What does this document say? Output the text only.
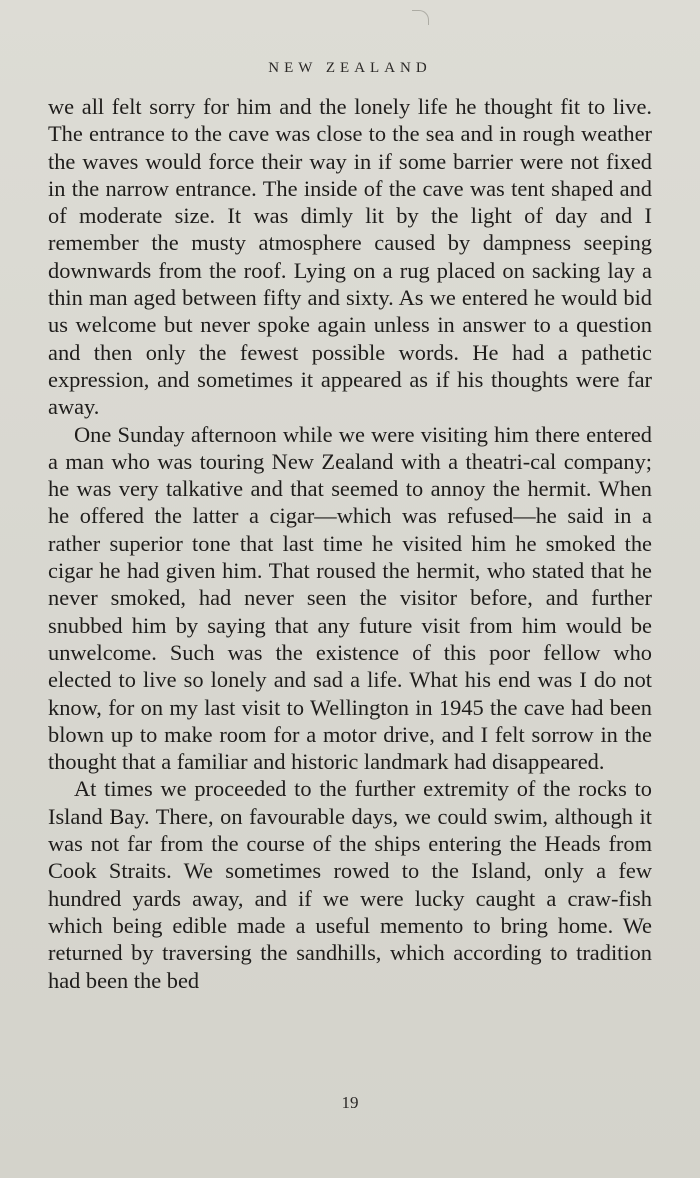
NEW ZEALAND

we all felt sorry for him and the lonely life he thought fit to live. The entrance to the cave was close to the sea and in rough weather the waves would force their way in if some barrier were not fixed in the narrow entrance. The inside of the cave was tent shaped and of moderate size. It was dimly lit by the light of day and I remember the musty atmosphere caused by dampness seeping downwards from the roof. Lying on a rug placed on sacking lay a thin man aged between fifty and sixty. As we entered he would bid us welcome but never spoke again unless in answer to a question and then only the fewest possible words. He had a pathetic expression, and sometimes it appeared as if his thoughts were far away.

One Sunday afternoon while we were visiting him there entered a man who was touring New Zealand with a theatri-cal company; he was very talkative and that seemed to annoy the hermit. When he offered the latter a cigar—which was refused—he said in a rather superior tone that last time he visited him he smoked the cigar he had given him. That roused the hermit, who stated that he never smoked, had never seen the visitor before, and further snubbed him by saying that any future visit from him would be unwelcome. Such was the existence of this poor fellow who elected to live so lonely and sad a life. What his end was I do not know, for on my last visit to Wellington in 1945 the cave had been blown up to make room for a motor drive, and I felt sorrow in the thought that a familiar and historic landmark had disappeared.

At times we proceeded to the further extremity of the rocks to Island Bay. There, on favourable days, we could swim, although it was not far from the course of the ships entering the Heads from Cook Straits. We sometimes rowed to the Island, only a few hundred yards away, and if we were lucky caught a craw-fish which being edible made a useful memento to bring home. We returned by traversing the sandhills, which according to tradition had been the bed

19
